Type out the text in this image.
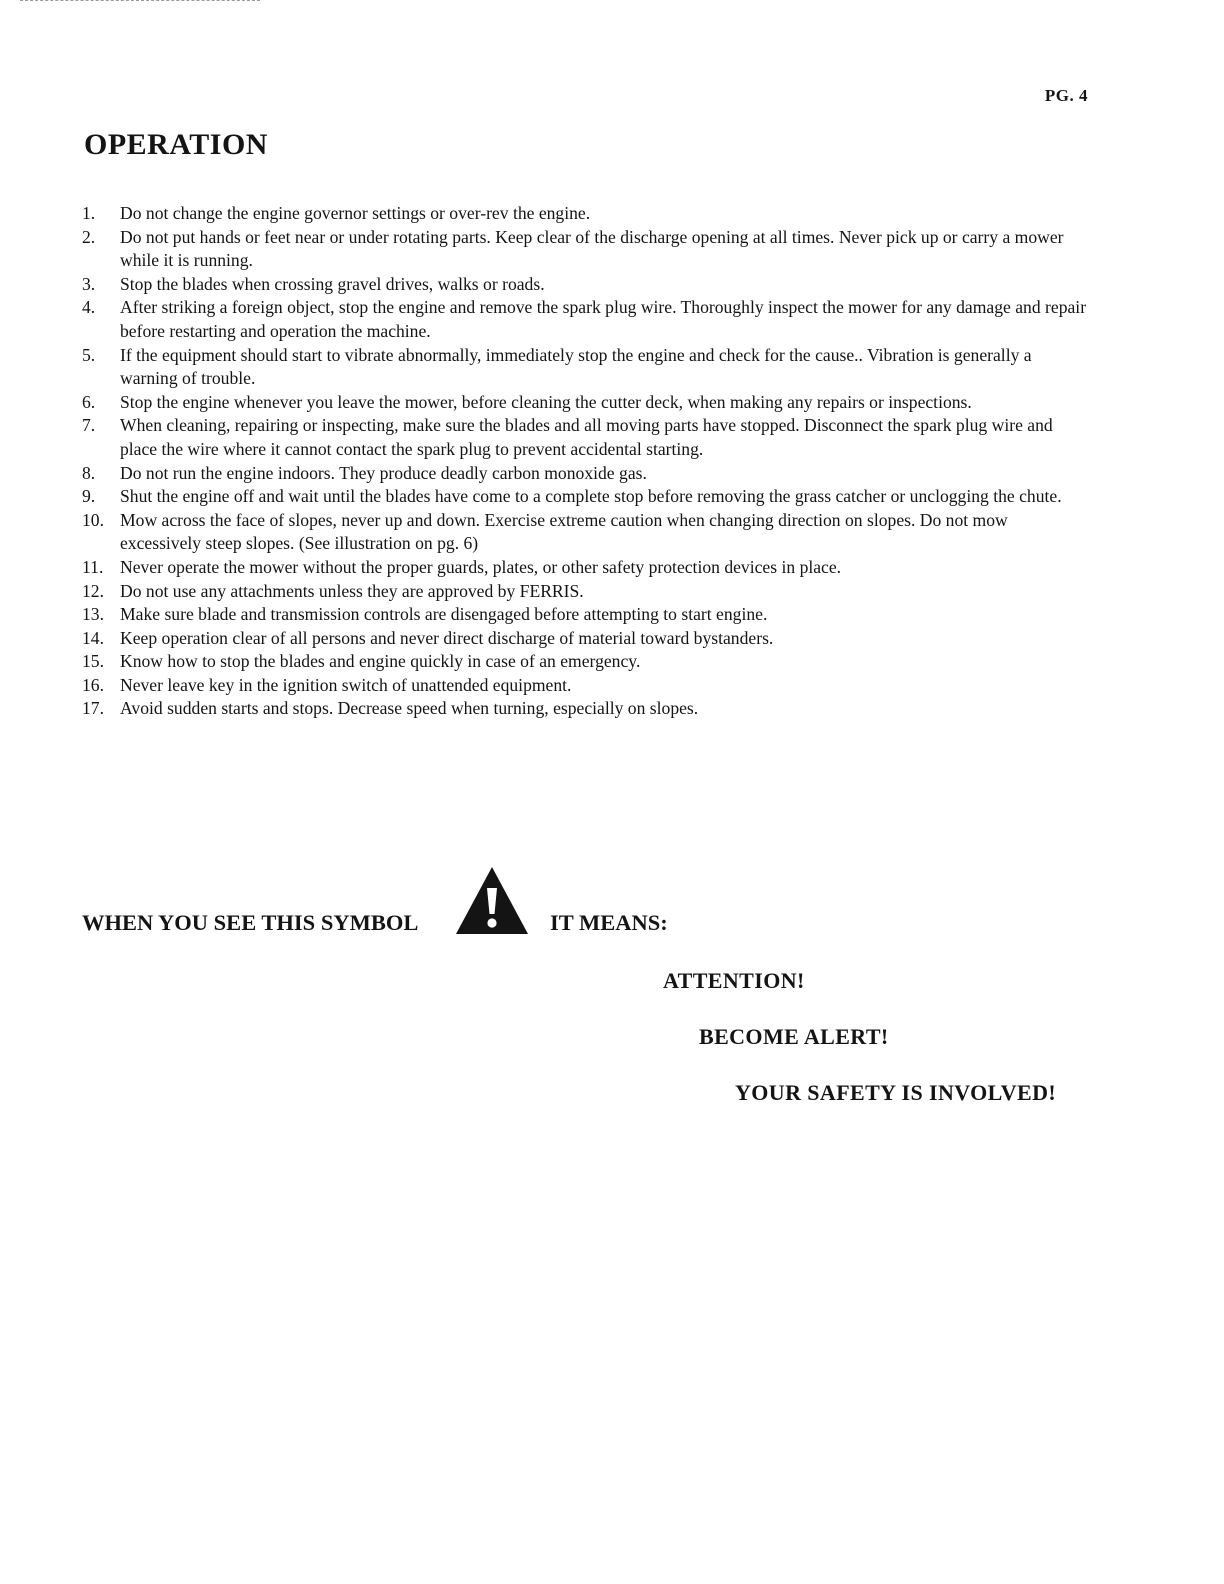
PG. 4
OPERATION
1.	Do not change the engine governor settings or over-rev the engine.
2.	Do not put hands or feet near or under rotating parts. Keep clear of the discharge opening at all times. Never pick up or carry a mower while it is running.
3.	Stop the blades when crossing gravel drives, walks or roads.
4.	After striking a foreign object, stop the engine and remove the spark plug wire. Thoroughly inspect the mower for any damage and repair before restarting and operation the machine.
5.	If the equipment should start to vibrate abnormally, immediately stop the engine and check for the cause.. Vibration is generally a warning of trouble.
6.	Stop the engine whenever you leave the mower, before cleaning the cutter deck, when making any repairs or inspections.
7.	When cleaning, repairing or inspecting, make sure the blades and all moving parts have stopped. Disconnect the spark plug wire and place the wire where it cannot contact the spark plug to prevent accidental starting.
8.	Do not run the engine indoors. They produce deadly carbon monoxide gas.
9.	Shut the engine off and wait until the blades have come to a complete stop before removing the grass catcher or unclogging the chute.
10. Mow across the face of slopes, never up and down. Exercise extreme caution when changing direction on slopes. Do not mow excessively steep slopes. (See illustration on pg. 6)
11. Never operate the mower without the proper guards, plates, or other safety protection devices in place.
12. Do not use any attachments unless they are approved by FERRIS.
13. Make sure blade and transmission controls are disengaged before attempting to start engine.
14. Keep operation clear of all persons and never direct discharge of material toward bystanders.
15. Know how to stop the blades and engine quickly in case of an emergency.
16. Never leave key in the ignition switch of unattended equipment.
17. Avoid sudden starts and stops. Decrease speed when turning, especially on slopes.
WHEN YOU SEE THIS SYMBOL	IT MEANS:
ATTENTION!
BECOME ALERT!
YOUR SAFETY IS INVOLVED!
